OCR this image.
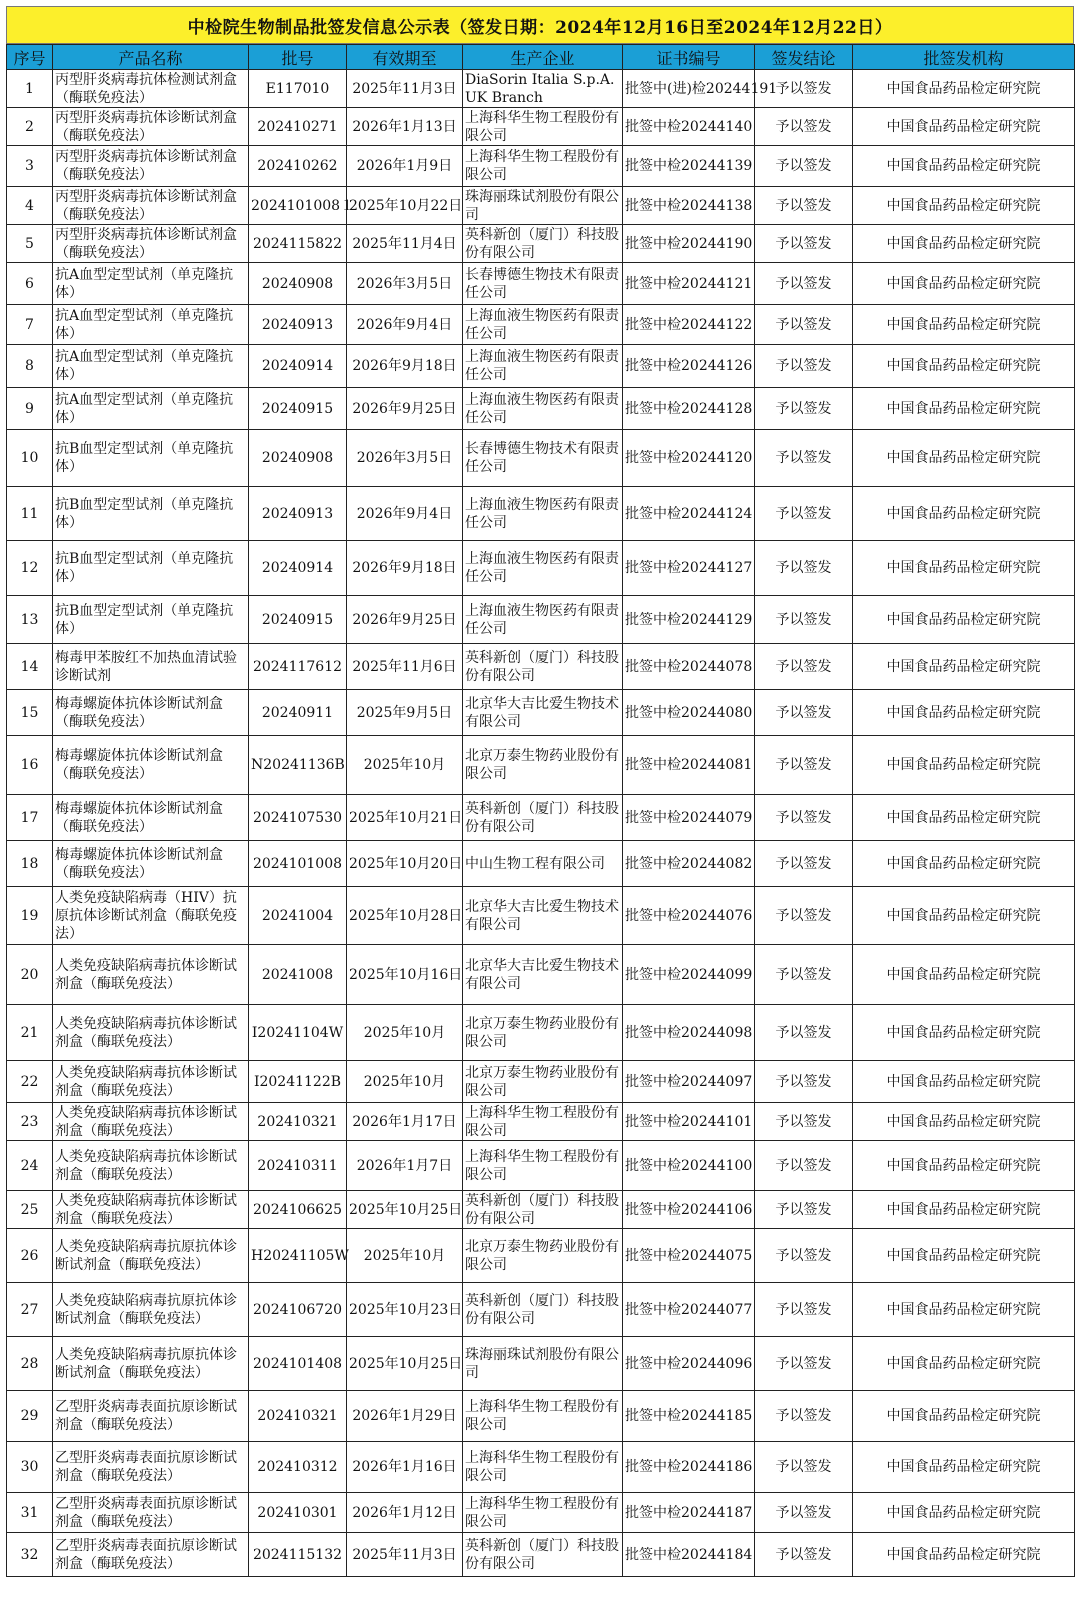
中检院生物制品批签发信息公示表（签发日期：2024年12月16日至2024年12月22日）
序号	产品名称	批号	有效期至	生产企业	证书编号	签发结论	批签发机构
1	丙型肝炎病毒抗体检测试剂盒（酶联免疫法）	E117010	2025年11月3日	DiaSorin Italia S.p.A. UK Branch	批签中(进)检20244191	予以签发	中国食品药品检定研究院
2	丙型肝炎病毒抗体诊断试剂盒（酶联免疫法）	202410271	2026年1月13日	上海科华生物工程股份有限公司	批签中检20244140	予以签发	中国食品药品检定研究院
3	丙型肝炎病毒抗体诊断试剂盒（酶联免疫法）	202410262	2026年1月9日	上海科华生物工程股份有限公司	批签中检20244139	予以签发	中国食品药品检定研究院
4	丙型肝炎病毒抗体诊断试剂盒（酶联免疫法）	2024101008１	2025年10月22日	珠海丽珠试剂股份有限公司	批签中检20244138	予以签发	中国食品药品检定研究院
5	丙型肝炎病毒抗体诊断试剂盒（酶联免疫法）	2024115822	2025年11月4日	英科新创（厦门）科技股份有限公司	批签中检20244190	予以签发	中国食品药品检定研究院
6	抗A血型定型试剂（单克隆抗体）	20240908	2026年3月5日	长春博德生物技术有限责任公司	批签中检20244121	予以签发	中国食品药品检定研究院
7	抗A血型定型试剂（单克隆抗体）	20240913	2026年9月4日	上海血液生物医药有限责任公司	批签中检20244122	予以签发	中国食品药品检定研究院
8	抗A血型定型试剂（单克隆抗体）	20240914	2026年9月18日	上海血液生物医药有限责任公司	批签中检20244126	予以签发	中国食品药品检定研究院
9	抗A血型定型试剂（单克隆抗体）	20240915	2026年9月25日	上海血液生物医药有限责任公司	批签中检20244128	予以签发	中国食品药品检定研究院
10	抗B血型定型试剂（单克隆抗体）	20240908	2026年3月5日	长春博德生物技术有限责任公司	批签中检20244120	予以签发	中国食品药品检定研究院
11	抗B血型定型试剂（单克隆抗体）	20240913	2026年9月4日	上海血液生物医药有限责任公司	批签中检20244124	予以签发	中国食品药品检定研究院
12	抗B血型定型试剂（单克隆抗体）	20240914	2026年9月18日	上海血液生物医药有限责任公司	批签中检20244127	予以签发	中国食品药品检定研究院
13	抗B血型定型试剂（单克隆抗体）	20240915	2026年9月25日	上海血液生物医药有限责任公司	批签中检20244129	予以签发	中国食品药品检定研究院
14	梅毒甲苯胺红不加热血清试验诊断试剂	2024117612	2025年11月6日	英科新创（厦门）科技股份有限公司	批签中检20244078	予以签发	中国食品药品检定研究院
15	梅毒螺旋体抗体诊断试剂盒（酶联免疫法）	20240911	2025年9月5日	北京华大吉比爱生物技术有限公司	批签中检20244080	予以签发	中国食品药品检定研究院
16	梅毒螺旋体抗体诊断试剂盒（酶联免疫法）	N20241136B	2025年10月	北京万泰生物药业股份有限公司	批签中检20244081	予以签发	中国食品药品检定研究院
17	梅毒螺旋体抗体诊断试剂盒（酶联免疫法）	2024107530	2025年10月21日	英科新创（厦门）科技股份有限公司	批签中检20244079	予以签发	中国食品药品检定研究院
18	梅毒螺旋体抗体诊断试剂盒（酶联免疫法）	2024101008	2025年10月20日	中山生物工程有限公司	批签中检20244082	予以签发	中国食品药品检定研究院
19	人类免疫缺陷病毒（HIV）抗原抗体诊断试剂盒（酶联免疫法）	20241004	2025年10月28日	北京华大吉比爱生物技术有限公司	批签中检20244076	予以签发	中国食品药品检定研究院
20	人类免疫缺陷病毒抗体诊断试剂盒（酶联免疫法）	20241008	2025年10月16日	北京华大吉比爱生物技术有限公司	批签中检20244099	予以签发	中国食品药品检定研究院
21	人类免疫缺陷病毒抗体诊断试剂盒（酶联免疫法）	I20241104W	2025年10月	北京万泰生物药业股份有限公司	批签中检20244098	予以签发	中国食品药品检定研究院
22	人类免疫缺陷病毒抗体诊断试剂盒（酶联免疫法）	I20241122B	2025年10月	北京万泰生物药业股份有限公司	批签中检20244097	予以签发	中国食品药品检定研究院
23	人类免疫缺陷病毒抗体诊断试剂盒（酶联免疫法）	202410321	2026年1月17日	上海科华生物工程股份有限公司	批签中检20244101	予以签发	中国食品药品检定研究院
24	人类免疫缺陷病毒抗体诊断试剂盒（酶联免疫法）	202410311	2026年1月7日	上海科华生物工程股份有限公司	批签中检20244100	予以签发	中国食品药品检定研究院
25	人类免疫缺陷病毒抗体诊断试剂盒（酶联免疫法）	2024106625	2025年10月25日	英科新创（厦门）科技股份有限公司	批签中检20244106	予以签发	中国食品药品检定研究院
26	人类免疫缺陷病毒抗原抗体诊断试剂盒（酶联免疫法）	H20241105W	2025年10月	北京万泰生物药业股份有限公司	批签中检20244075	予以签发	中国食品药品检定研究院
27	人类免疫缺陷病毒抗原抗体诊断试剂盒（酶联免疫法）	2024106720	2025年10月23日	英科新创（厦门）科技股份有限公司	批签中检20244077	予以签发	中国食品药品检定研究院
28	人类免疫缺陷病毒抗原抗体诊断试剂盒（酶联免疫法）	2024101408	2025年10月25日	珠海丽珠试剂股份有限公司	批签中检20244096	予以签发	中国食品药品检定研究院
29	乙型肝炎病毒表面抗原诊断试剂盒（酶联免疫法）	202410321	2026年1月29日	上海科华生物工程股份有限公司	批签中检20244185	予以签发	中国食品药品检定研究院
30	乙型肝炎病毒表面抗原诊断试剂盒（酶联免疫法）	202410312	2026年1月16日	上海科华生物工程股份有限公司	批签中检20244186	予以签发	中国食品药品检定研究院
31	乙型肝炎病毒表面抗原诊断试剂盒（酶联免疫法）	202410301	2026年1月12日	上海科华生物工程股份有限公司	批签中检20244187	予以签发	中国食品药品检定研究院
32	乙型肝炎病毒表面抗原诊断试剂盒（酶联免疫法）	2024115132	2025年11月3日	英科新创（厦门）科技股份有限公司	批签中检20244184	予以签发	中国食品药品检定研究院
